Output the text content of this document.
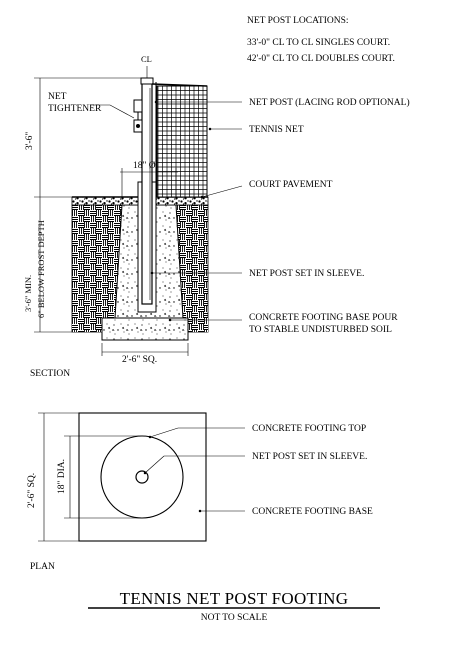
NET POST LOCATIONS:
33'-0" CL TO CL SINGLES COURT.
42'-0" CL TO CL DOUBLES COURT.
CL
18" Ø
3'-6"
3'-6" MIN. 6" BELOW FROST DEPTH
2'-6" SQ.
NET
TIGHTENER
NET POST (LACING ROD OPTIONAL)
TENNIS NET
COURT PAVEMENT
NET POST SET IN SLEEVE.
CONCRETE FOOTING BASE POUR
TO STABLE UNDISTURBED SOIL
SECTION
2'-6" SQ. 18" DIA.
CONCRETE FOOTING TOP
NET POST SET IN SLEEVE.
CONCRETE FOOTING BASE
PLAN
TENNIS NET POST FOOTING
NOT TO SCALE
